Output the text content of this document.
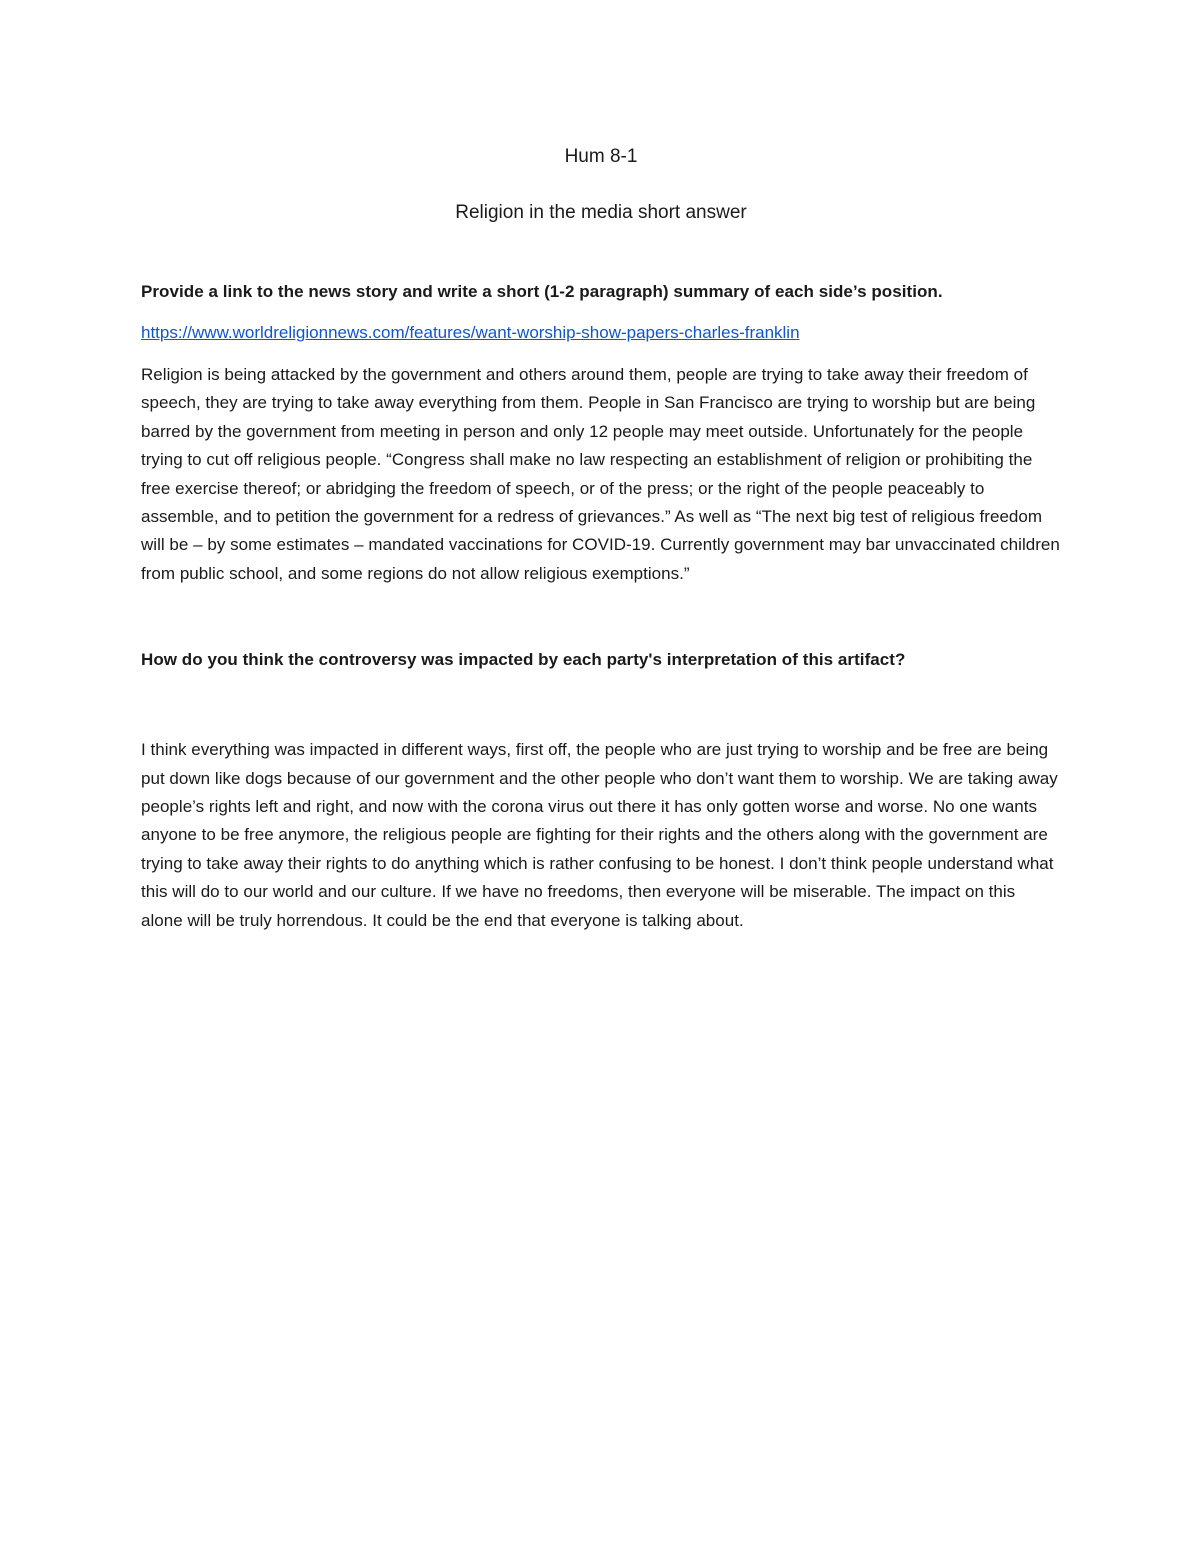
Hum 8-1

Religion in the media short answer

Provide a link to the news story and write a short (1-2 paragraph) summary of each side’s position.

https://www.worldreligionnews.com/features/want-worship-show-papers-charles-franklin

Religion is being attacked by the government and others around them, people are trying to take away their freedom of speech, they are trying to take away everything from them. People in San Francisco are trying to worship but are being barred by the government from meeting in person and only 12 people may meet outside. Unfortunately for the people trying to cut off religious people. “Congress shall make no law respecting an establishment of religion or prohibiting the free exercise thereof; or abridging the freedom of speech, or of the press; or the right of the people peaceably to assemble, and to petition the government for a redress of grievances.” As well as “The next big test of religious freedom will be – by some estimates – mandated vaccinations for COVID-19. Currently government may bar unvaccinated children from public school, and some regions do not allow religious exemptions.”

How do you think the controversy was impacted by each party's interpretation of this artifact?

I think everything was impacted in different ways, first off, the people who are just trying to worship and be free are being put down like dogs because of our government and the other people who don’t want them to worship. We are taking away people’s rights left and right, and now with the corona virus out there it has only gotten worse and worse. No one wants anyone to be free anymore, the religious people are fighting for their rights and the others along with the government are trying to take away their rights to do anything which is rather confusing to be honest. I don’t think people understand what this will do to our world and our culture. If we have no freedoms, then everyone will be miserable. The impact on this alone will be truly horrendous. It could be the end that everyone is talking about.
